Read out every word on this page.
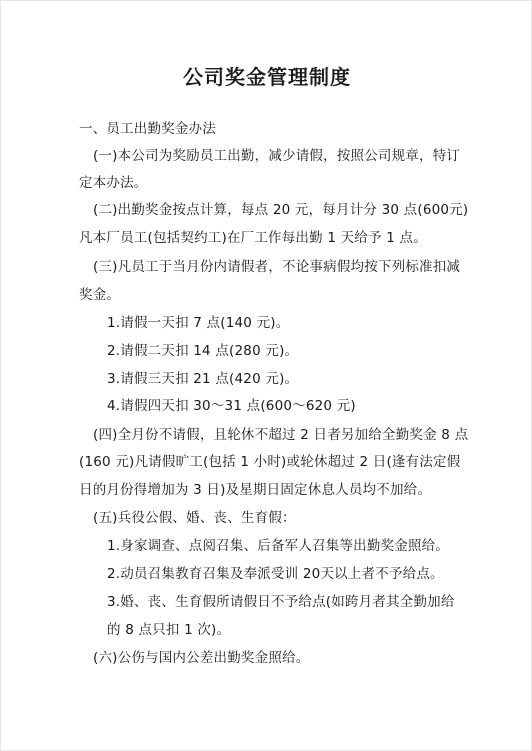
公司奖金管理制度
一、员工出勤奖金办法
(一)本公司为奖励员工出勤，减少请假，按照公司规章，特订
定本办法。
(二)出勤奖金按点计算，每点 20 元，每月计分 30 点(600元)
凡本厂员工(包括契约工)在厂工作每出勤 1 天给予 1 点。
(三)凡员工于当月份内请假者，不论事病假均按下列标准扣减
奖金。
1.请假一天扣 7 点(140 元)。
2.请假二天扣 14 点(280 元)。
3.请假三天扣 21 点(420 元)。
4.请假四天扣 30～31 点(600～620 元)
(四)全月份不请假，且轮休不超过 2 日者另加给全勤奖金 8 点
(160 元)凡请假旷工(包括 1 小时)或轮休超过 2 日(逢有法定假
日的月份得增加为 3 日)及星期日固定休息人员均不加给。
(五)兵役公假、婚、丧、生育假：
1.身家调查、点阅召集、后备军人召集等出勤奖金照给。
2.动员召集教育召集及奉派受训 20天以上者不予给点。
3.婚、丧、生育假所请假日不予给点(如跨月者其全勤加给
的 8 点只扣 1 次)。
(六)公伤与国内公差出勤奖金照给。
